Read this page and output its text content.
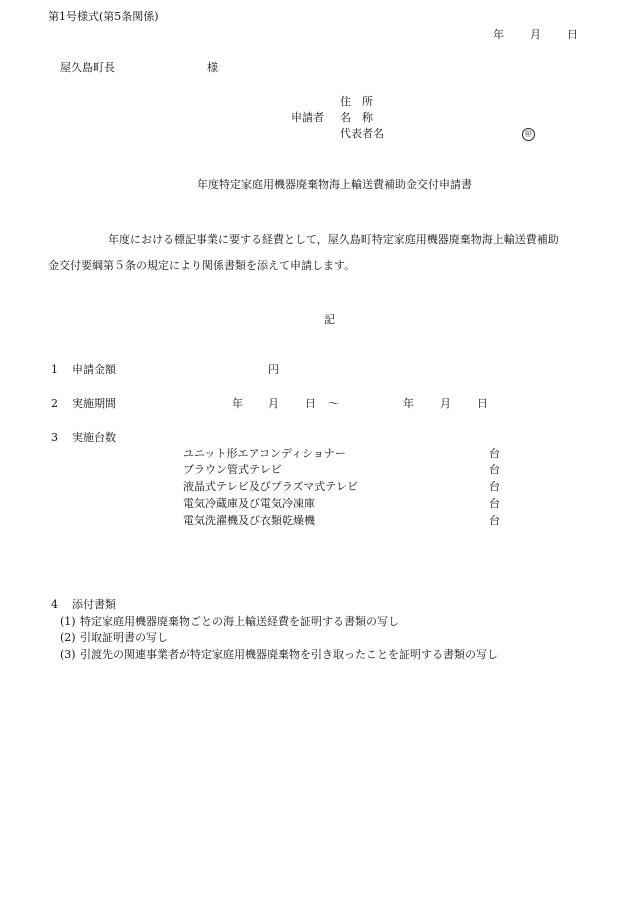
第1号様式(第5条関係)
年 月 日
屋久島町長	様
住　所
申請者 名　称
代表者名	㊞
年度特定家庭用機器廃棄物海上輸送費補助金交付申請書
年度における標記事業に要する経費として，屋久島町特定家庭用機器廃棄物海上輸送費補助
金交付要綱第５条の規定により関係書類を添えて申請します。
記
1 申請金額	円
2 実施期間	年 月 日 ～	年 月 日
3 実施台数
ユニット形エアコンディショナー	台
ブラウン管式テレビ	台
液晶式テレビ及びプラズマ式テレビ	台
電気冷蔵庫及び電気冷凍庫	台
電気洗濯機及び衣類乾燥機	台
4 添付書類
(1) 特定家庭用機器廃棄物ごとの海上輸送経費を証明する書類の写し
(2) 引取証明書の写し
(3) 引渡先の関連事業者が特定家庭用機器廃棄物を引き取ったことを証明する書類の写し
